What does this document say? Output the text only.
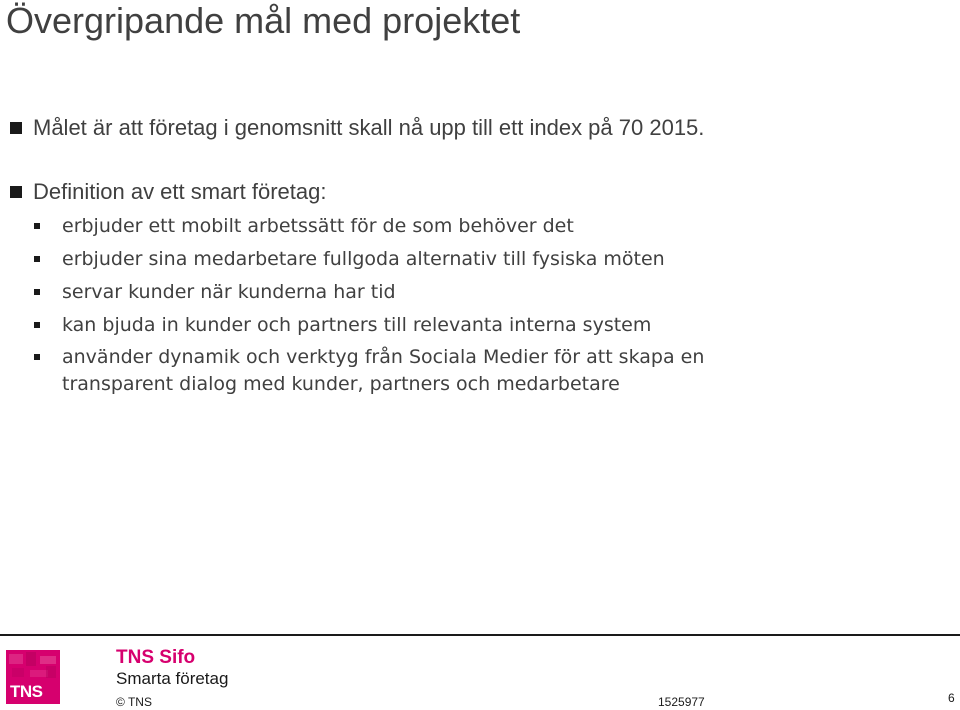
Övergripande mål med projektet
Målet är att företag i genomsnitt skall nå upp till ett index på 70 2015.
Definition av ett smart företag:
erbjuder ett mobilt arbetssätt för de som behöver det
erbjuder sina medarbetare fullgoda alternativ till fysiska möten
servar kunder när kunderna har tid
kan bjuda in kunder och partners till relevanta interna system
använder dynamik och verktyg från Sociala Medier för att skapa en
transparent dialog med kunder, partners och medarbetare
TNS
TNS Sifo
Smarta företag
© TNS	1525977	6
